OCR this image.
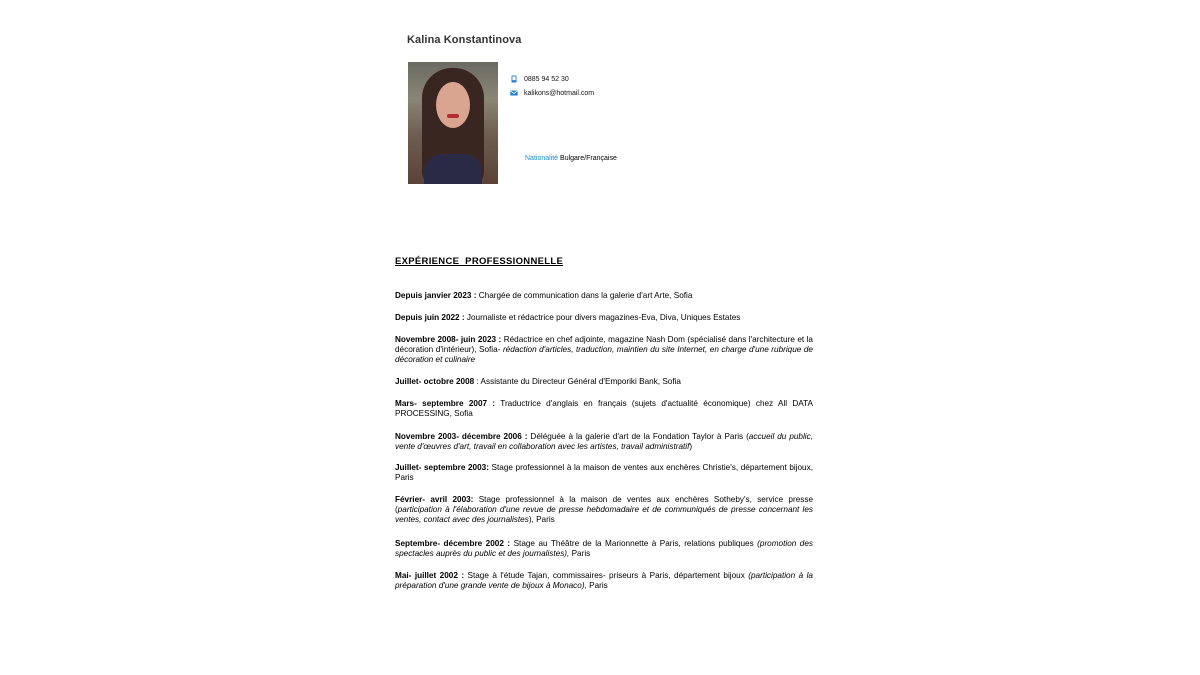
Kalina Konstantinova
0885 94 52 30
kalikons@hotmail.com
Nationalité Bulgare/Française
EXPÉRIENCE PROFESSIONNELLE
Depuis janvier 2023 : Chargée de communication dans la galerie d'art Arte, Sofia
Depuis juin 2022 : Journaliste et rédactrice pour divers magazines-Eva, Diva, Uniques Estates
Novembre 2008- juin 2023 : Rédactrice en chef adjointe, magazine Nash Dom (spécialisé dans l'architecture et la décoration d'intérieur), Sofia- rédaction d'articles, traduction, maintien du site Internet, en charge d'une rubrique de décoration et culinaire
Juillet- octobre 2008 : Assistante du Directeur Général d'Emporiki Bank, Sofia
Mars- septembre 2007 : Traductrice d'anglais en français (sujets d'actualité économique) chez All DATA PROCESSING, Sofia
Novembre 2003- décembre 2006 : Déléguée à la galerie d'art de la Fondation Taylor à Paris (accueil du public, vente d'œuvres d'art, travail en collaboration avec les artistes, travail administratif)
Juillet- septembre 2003: Stage professionnel à la maison de ventes aux enchères Christie's, département bijoux, Paris
Février- avril 2003: Stage professionnel à la maison de ventes aux enchères Sotheby's, service presse (participation à l'élaboration d'une revue de presse hebdomadaire et de communiqués de presse concernant les ventes, contact avec des journalistes), Paris
Septembre- décembre 2002 : Stage au Théâtre de la Marionnette à Paris, relations publiques (promotion des spectacles auprès du public et des journalistes), Paris
Mai- juillet 2002 : Stage à l'étude Tajan, commissaires- priseurs à Paris, département bijoux (participation à la préparation d'une grande vente de bijoux à Monaco), Paris
